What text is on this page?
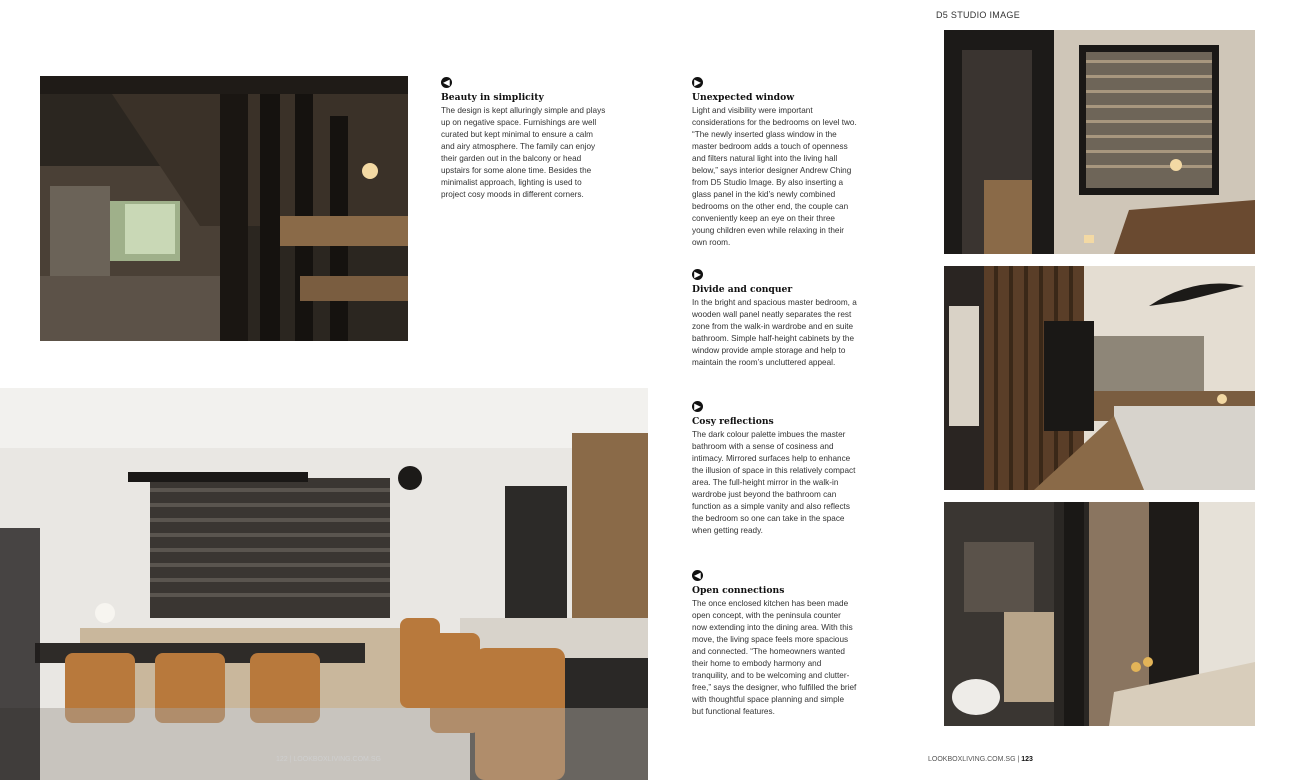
D5 STUDIO IMAGE
◀
Beauty in simplicity
The design is kept alluringly simple and plays up on negative space. Furnishings are well curated but kept minimal to ensure a calm and airy atmosphere. The family can enjoy their garden out in the balcony or head upstairs for some alone time. Besides the minimalist approach, lighting is used to project cosy moods in different corners.
▶
Unexpected window
Light and visibility were important considerations for the bedrooms on level two. “The newly inserted glass window in the master bedroom adds a touch of openness and filters natural light into the living hall below,” says interior designer Andrew Ching from D5 Studio Image. By also inserting a glass panel in the kid’s newly combined bedrooms on the other end, the couple can conveniently keep an eye on their three young children even while relaxing in their own room.
▶
Divide and conquer
In the bright and spacious master bedroom, a wooden wall panel neatly separates the rest zone from the walk-in wardrobe and en suite bathroom. Simple half-height cabinets by the window provide ample storage and help to maintain the room’s uncluttered appeal.
▶
Cosy reflections
The dark colour palette imbues the master bathroom with a sense of cosiness and intimacy. Mirrored surfaces help to enhance the illusion of space in this relatively compact area. The full-height mirror in the walk-in wardrobe just beyond the bathroom can function as a simple vanity and also reflects the bedroom so one can take in the space when getting ready.
◀
Open connections
The once enclosed kitchen has been made open concept, with the peninsula counter now extending into the dining area. With this move, the living space feels more spacious and connected. “The homeowners wanted their home to embody harmony and tranquility, and to be welcoming and clutter-free,” says the designer, who fulfilled the brief with thoughtful space planning and simple but functional features.
122 | LOOKBOXLIVING.COM.SG	LOOKBOXLIVING.COM.SG | 123
